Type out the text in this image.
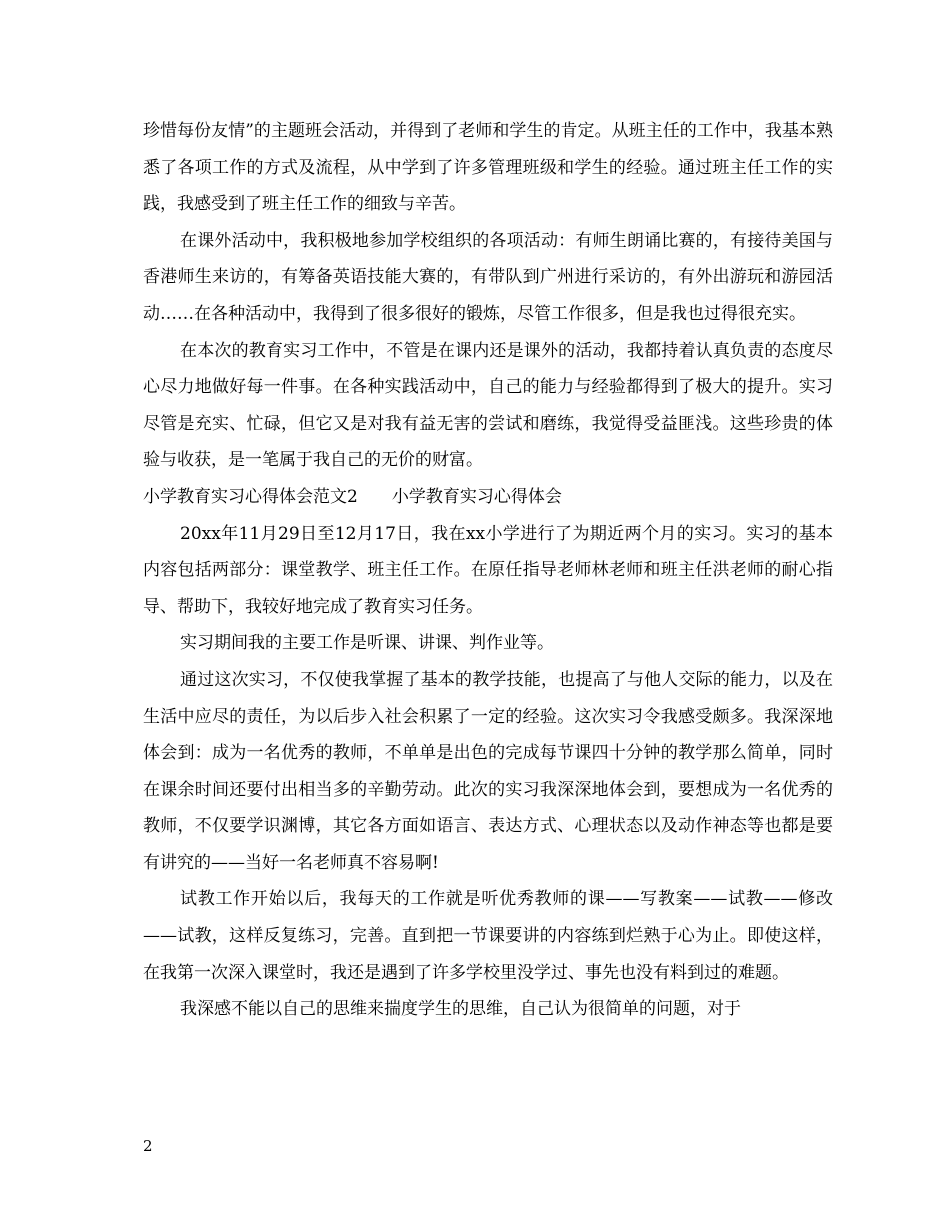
珍惜每份友情”的主题班会活动，并得到了老师和学生的肯定。从班主任的工作中，我基本熟悉了各项工作的方式及流程，从中学到了许多管理班级和学生的经验。通过班主任工作的实践，我感受到了班主任工作的细致与辛苦。

在课外活动中，我积极地参加学校组织的各项活动：有师生朗诵比赛的，有接待美国与香港师生来访的，有筹备英语技能大赛的，有带队到广州进行采访的，有外出游玩和游园活动……在各种活动中，我得到了很多很好的锻炼，尽管工作很多，但是我也过得很充实。

在本次的教育实习工作中，不管是在课内还是课外的活动，我都持着认真负责的态度尽心尽力地做好每一件事。在各种实践活动中，自己的能力与经验都得到了极大的提升。实习尽管是充实、忙碌，但它又是对我有益无害的尝试和磨练，我觉得受益匪浅。这些珍贵的体验与收获，是一笔属于我自己的无价的财富。

小学教育实习心得体会范文2　　小学教育实习心得体会

20xx年11月29日至12月17日，我在xx小学进行了为期近两个月的实习。实习的基本内容包括两部分：课堂教学、班主任工作。在原任指导老师林老师和班主任洪老师的耐心指导、帮助下，我较好地完成了教育实习任务。

实习期间我的主要工作是听课、讲课、判作业等。

通过这次实习，不仅使我掌握了基本的教学技能，也提高了与他人交际的能力，以及在生活中应尽的责任，为以后步入社会积累了一定的经验。这次实习令我感受颇多。我深深地体会到：成为一名优秀的教师，不单单是出色的完成每节课四十分钟的教学那么简单，同时在课余时间还要付出相当多的辛勤劳动。此次的实习我深深地体会到，要想成为一名优秀的教师，不仅要学识渊博，其它各方面如语言、表达方式、心理状态以及动作神态等也都是要有讲究的——当好一名老师真不容易啊!

试教工作开始以后，我每天的工作就是听优秀教师的课——写教案——试教——修改——试教，这样反复练习，完善。直到把一节课要讲的内容练到烂熟于心为止。即使这样，在我第一次深入课堂时，我还是遇到了许多学校里没学过、事先也没有料到过的难题。

我深感不能以自己的思维来揣度学生的思维，自己认为很简单的问题，对于

2
